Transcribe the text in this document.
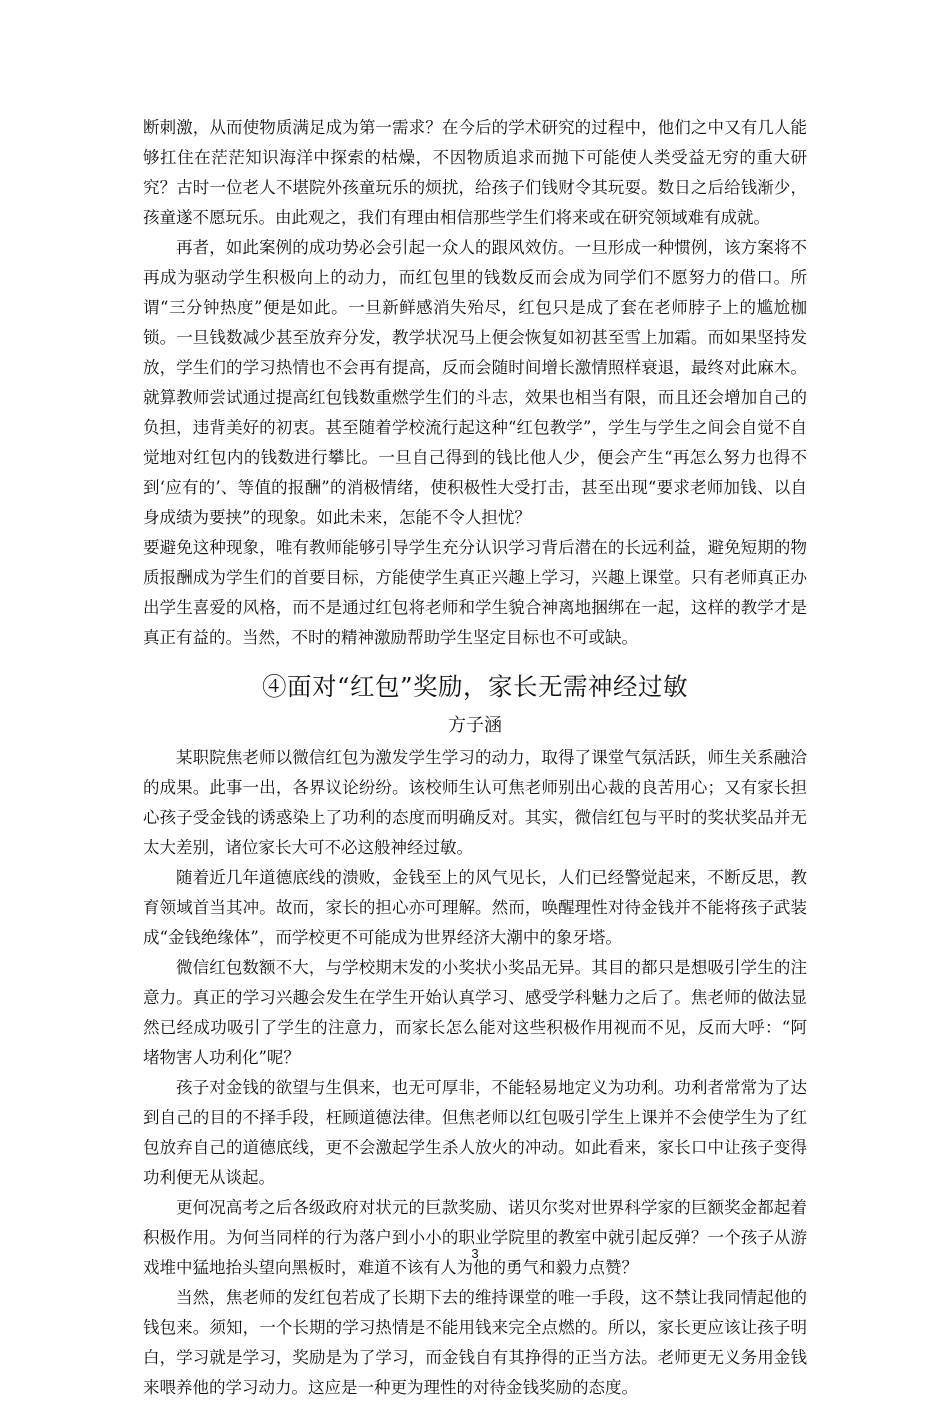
断刺激，从而使物质满足成为第一需求？在今后的学术研究的过程中，他们之中又有几人能够扛住在茫茫知识海洋中探索的枯燥，不因物质追求而抛下可能使人类受益无穷的重大研究？古时一位老人不堪院外孩童玩乐的烦扰，给孩子们钱财令其玩耍。数日之后给钱渐少，孩童遂不愿玩乐。由此观之，我们有理由相信那些学生们将来或在研究领域难有成就。

再者，如此案例的成功势必会引起一众人的跟风效仿。一旦形成一种惯例，该方案将不再成为驱动学生积极向上的动力，而红包里的钱数反而会成为同学们不愿努力的借口。所谓“三分钟热度”便是如此。一旦新鲜感消失殆尽，红包只是成了套在老师脖子上的尴尬枷锁。一旦钱数减少甚至放弃分发，教学状况马上便会恢复如初甚至雪上加霜。而如果坚持发放，学生们的学习热情也不会再有提高，反而会随时间增长激情照样衰退，最终对此麻木。就算教师尝试通过提高红包钱数重燃学生们的斗志，效果也相当有限，而且还会增加自己的负担，违背美好的初衷。甚至随着学校流行起这种“红包教学”，学生与学生之间会自觉不自觉地对红包内的钱数进行攀比。一旦自己得到的钱比他人少，便会产生“再怎么努力也得不到‘应有的’、等值的报酬”的消极情绪，使积极性大受打击，甚至出现“要求老师加钱、以自身成绩为要挟”的现象。如此未来，怎能不令人担忧？

要避免这种现象，唯有教师能够引导学生充分认识学习背后潜在的长远利益，避免短期的物质报酬成为学生们的首要目标，方能使学生真正兴趣上学习，兴趣上课堂。只有老师真正办出学生喜爱的风格，而不是通过红包将老师和学生貌合神离地捆绑在一起，这样的教学才是真正有益的。当然，不时的精神激励帮助学生坚定目标也不可或缺。

④面对“红包”奖励，家长无需神经过敏
方子涵

某职院焦老师以微信红包为激发学生学习的动力，取得了课堂气氛活跃，师生关系融洽的成果。此事一出，各界议论纷纷。该校师生认可焦老师别出心裁的良苦用心；又有家长担心孩子受金钱的诱惑染上了功利的态度而明确反对。其实，微信红包与平时的奖状奖品并无太大差别，诸位家长大可不必这般神经过敏。

随着近几年道德底线的溃败，金钱至上的风气见长，人们已经警觉起来，不断反思，教育领域首当其冲。故而，家长的担心亦可理解。然而，唤醒理性对待金钱并不能将孩子武装成“金钱绝缘体”，而学校更不可能成为世界经济大潮中的象牙塔。

微信红包数额不大，与学校期末发的小奖状小奖品无异。其目的都只是想吸引学生的注意力。真正的学习兴趣会发生在学生开始认真学习、感受学科魅力之后了。焦老师的做法显然已经成功吸引了学生的注意力，而家长怎么能对这些积极作用视而不见，反而大呼：“阿堵物害人功利化”呢？

孩子对金钱的欲望与生俱来，也无可厚非，不能轻易地定义为功利。功利者常常为了达到自己的目的不择手段，枉顾道德法律。但焦老师以红包吸引学生上课并不会使学生为了红包放弃自己的道德底线，更不会激起学生杀人放火的冲动。如此看来，家长口中让孩子变得功利便无从谈起。

更何况高考之后各级政府对状元的巨款奖励、诺贝尔奖对世界科学家的巨额奖金都起着积极作用。为何当同样的行为落户到小小的职业学院里的教室中就引起反弹？一个孩子从游戏堆中猛地抬头望向黑板时，难道不该有人为他的勇气和毅力点赞？

当然，焦老师的发红包若成了长期下去的维持课堂的唯一手段，这不禁让我同情起他的钱包来。须知，一个长期的学习热情是不能用钱来完全点燃的。所以，家长更应该让孩子明白，学习就是学习，奖励是为了学习，而金钱自有其挣得的正当方法。老师更无义务用金钱来喂养他的学习动力。这应是一种更为理性的对待金钱奖励的态度。

3
